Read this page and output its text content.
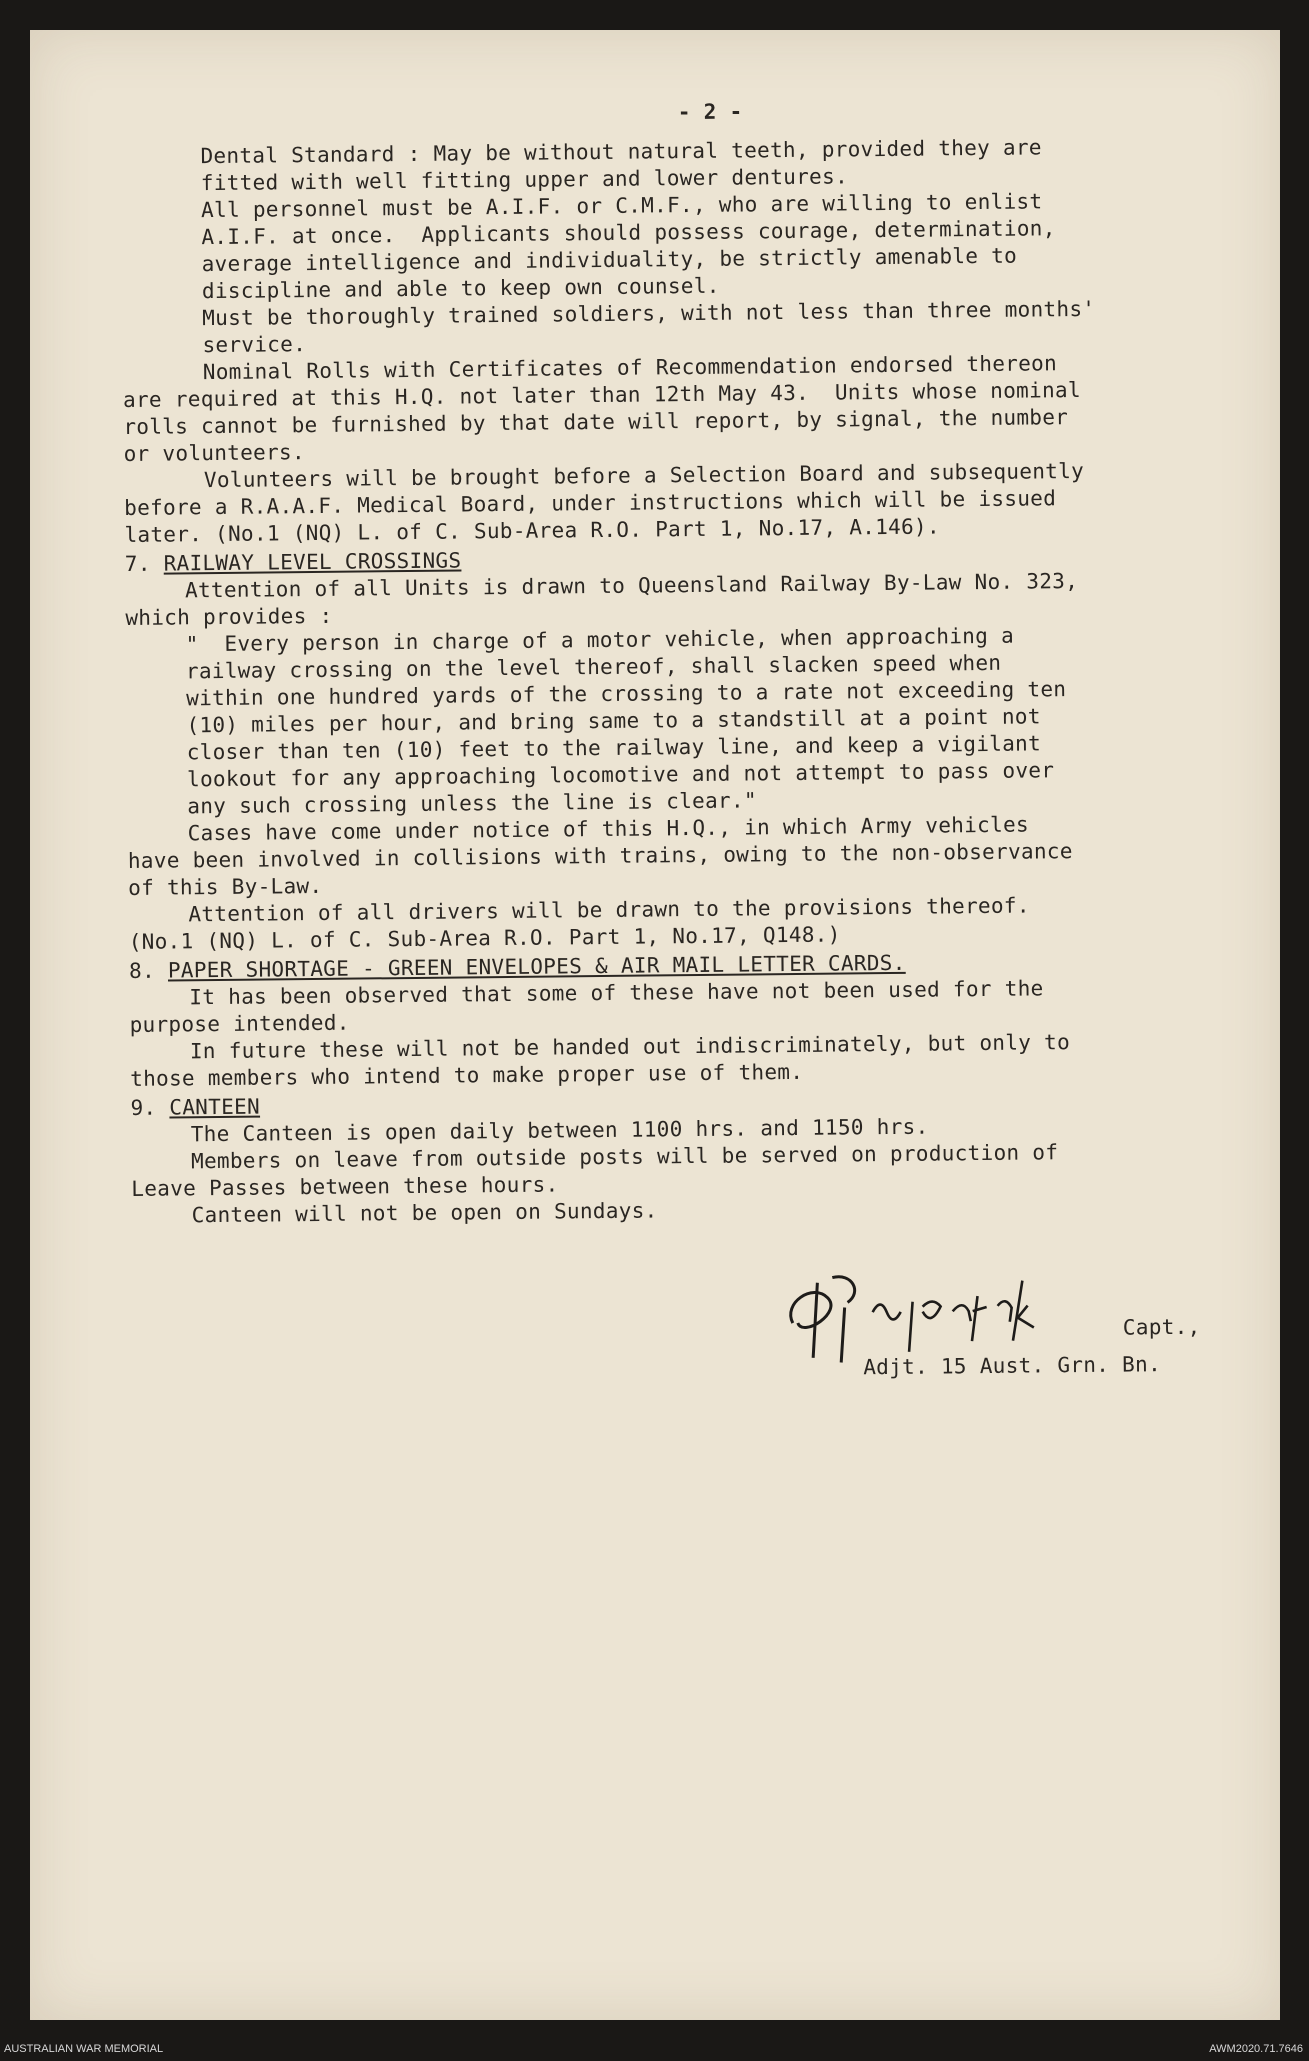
- 2 -
Dental Standard : May be without natural teeth, provided they are
fitted with well fitting upper and lower dentures.
All personnel must be A.I.F. or C.M.F., who are willing to enlist
A.I.F. at once.  Applicants should possess courage, determination,
average intelligence and individuality, be strictly amenable to
discipline and able to keep own counsel.
Must be thoroughly trained soldiers, with not less than three months'
service.
Nominal Rolls with Certificates of Recommendation endorsed thereon
are required at this H.Q. not later than 12th May 43.  Units whose nominal
rolls cannot be furnished by that date will report, by signal, the number
or volunteers.
Volunteers will be brought before a Selection Board and subsequently
before a R.A.A.F. Medical Board, under instructions which will be issued
later. (No.1 (NQ) L. of C. Sub-Area R.O. Part 1, No.17, A.146).
7. RAILWAY LEVEL CROSSINGS
Attention of all Units is drawn to Queensland Railway By-Law No. 323,
which provides :
"  Every person in charge of a motor vehicle, when approaching a
railway crossing on the level thereof, shall slacken speed when
within one hundred yards of the crossing to a rate not exceeding ten
(10) miles per hour, and bring same to a standstill at a point not
closer than ten (10) feet to the railway line, and keep a vigilant
lookout for any approaching locomotive and not attempt to pass over
any such crossing unless the line is clear."
Cases have come under notice of this H.Q., in which Army vehicles
have been involved in collisions with trains, owing to the non-observance
of this By-Law.
Attention of all drivers will be drawn to the provisions thereof.
(No.1 (NQ) L. of C. Sub-Area R.O. Part 1, No.17, Q148.)
8. PAPER SHORTAGE - GREEN ENVELOPES & AIR MAIL LETTER CARDS.
It has been observed that some of these have not been used for the
purpose intended.
In future these will not be handed out indiscriminately, but only to
those members who intend to make proper use of them.
9. CANTEEN
The Canteen is open daily between 1100 hrs. and 1150 hrs.
Members on leave from outside posts will be served on production of
Leave Passes between these hours.
Canteen will not be open on Sundays.
Capt.,
Adjt. 15 Aust. Grn. Bn.
AUSTRALIAN WAR MEMORIAL	AWM2020.71.7646
